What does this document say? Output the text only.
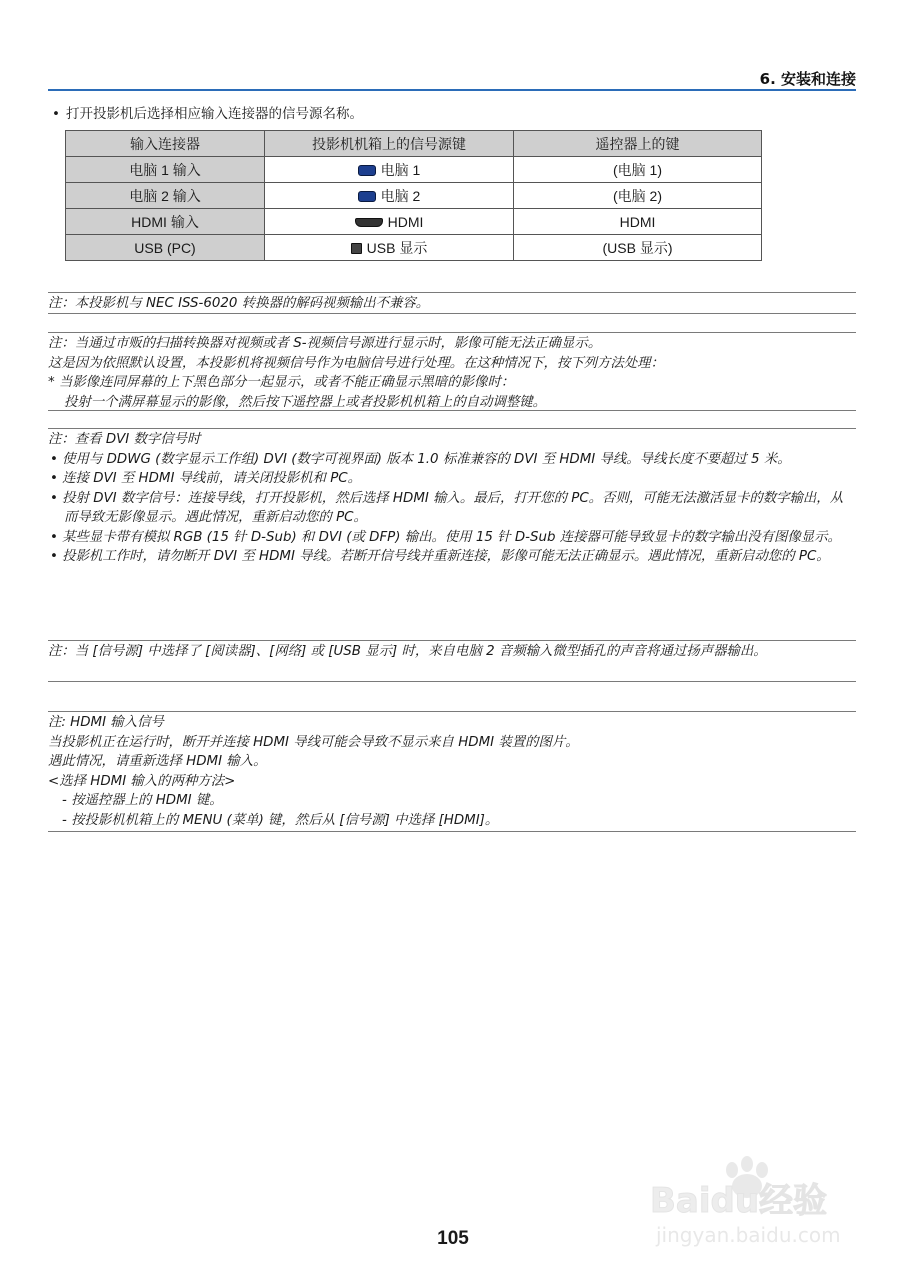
6. 安装和连接
• 打开投影机后选择相应输入连接器的信号源名称。
输入连接器	投影机机箱上的信号源键	遥控器上的键
电脑 1 输入	电脑 1	(电脑 1)
电脑 2 输入	电脑 2	(电脑 2)
HDMI 输入	HDMI	HDMI
USB (PC)	USB 显示	(USB 显示)
注：本投影机与 NEC ISS-6020 转换器的解码视频输出不兼容。
注：当通过市贩的扫描转换器对视频或者 S-视频信号源进行显示时，影像可能无法正确显示。
这是因为依照默认设置，本投影机将视频信号作为电脑信号进行处理。在这种情况下，按下列方法处理：
* 当影像连同屏幕的上下黑色部分一起显示，或者不能正确显示黑暗的影像时：
投射一个满屏幕显示的影像，然后按下遥控器上或者投影机机箱上的自动调整键。
注：查看 DVI 数字信号时
• 使用与 DDWG (数字显示工作组) DVI (数字可视界面) 版本 1.0 标准兼容的 DVI 至 HDMI 导线。导线长度不要超过 5 米。
• 连接 DVI 至 HDMI 导线前，请关闭投影机和 PC。
• 投射 DVI 数字信号：连接导线，打开投影机，然后选择 HDMI 输入。最后，打开您的 PC。否则，可能无法激活显卡的数字输出，从而导致无影像显示。遇此情况，重新启动您的 PC。
• 某些显卡带有模拟 RGB (15 针 D-Sub) 和 DVI (或 DFP) 输出。使用 15 针 D-Sub 连接器可能导致显卡的数字输出没有图像显示。
• 投影机工作时，请勿断开 DVI 至 HDMI 导线。若断开信号线并重新连接，影像可能无法正确显示。遇此情况，重新启动您的 PC。
注：当 [信号源] 中选择了 [阅读器]、[网络] 或 [USB 显示] 时，来自电脑 2 音频输入微型插孔的声音将通过扬声器输出。
注: HDMI 输入信号
当投影机正在运行时，断开并连接 HDMI 导线可能会导致不显示来自 HDMI 装置的图片。
遇此情况，请重新选择 HDMI 输入。
<选择 HDMI 输入的两种方法>
- 按遥控器上的 HDMI 键。
- 按投影机机箱上的 MENU (菜单) 键，然后从 [信号源] 中选择 [HDMI]。
105
Baidu经验
jingyan.baidu.com
